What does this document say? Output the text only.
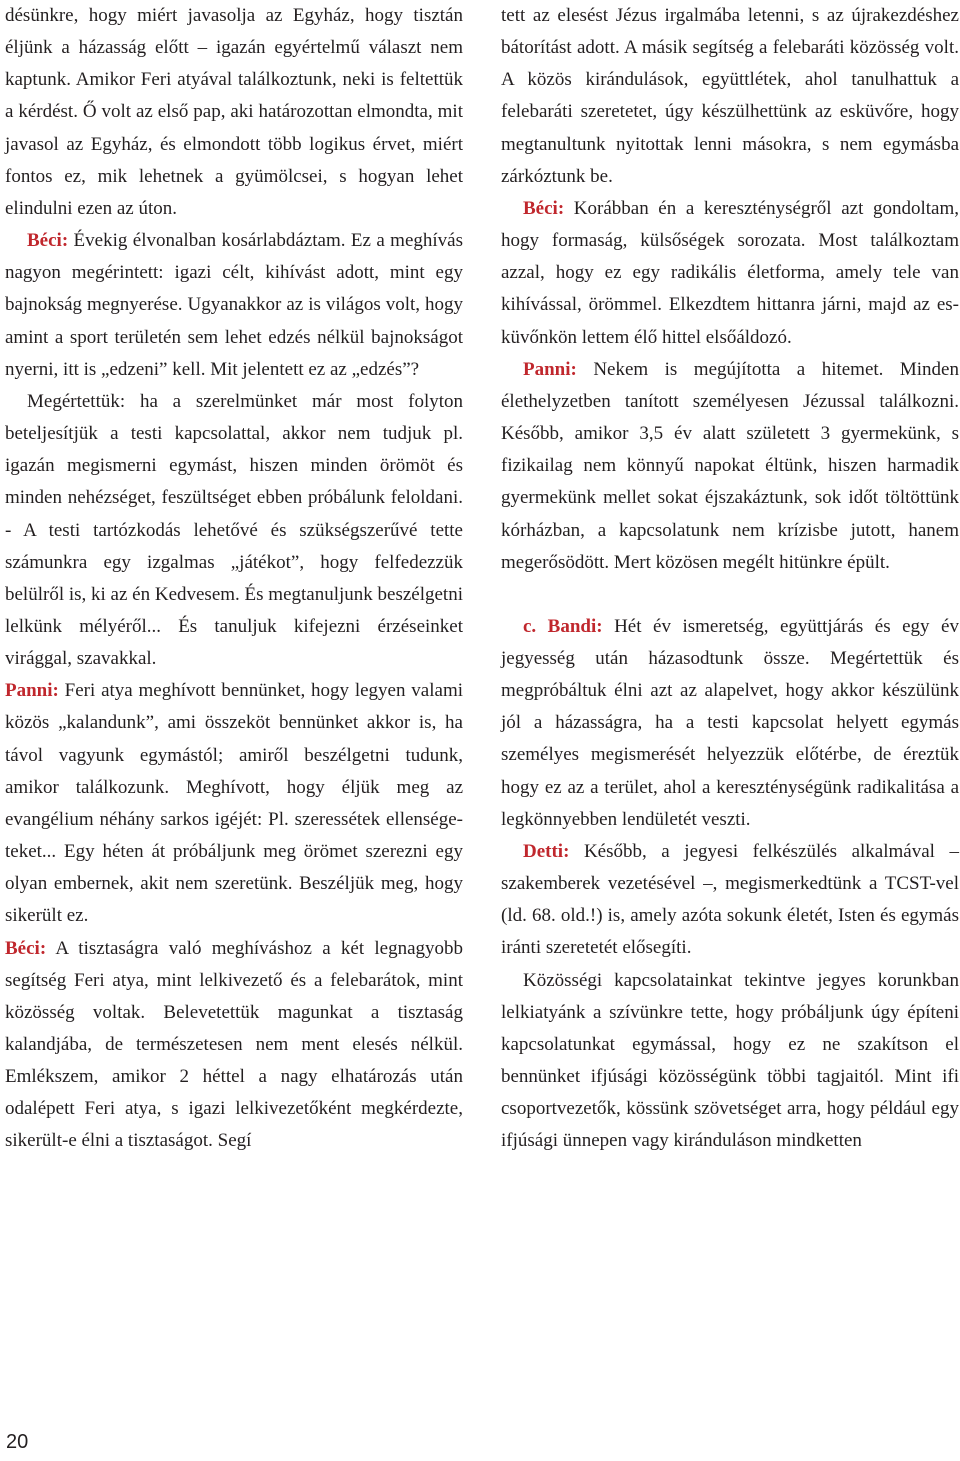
désünkre, hogy miért javasolja az Egyház, hogy tisztán éljünk a házasság előtt – igazán egyértelmű választ nem kaptunk. Amikor Feri atyával találkoztunk, neki is feltettük a kérdést. Ő volt az első pap, aki határozottan elmondta, mit javasol az Egyház, és elmondott több logikus érvet, miért fontos ez, mik lehetnek a gyümölcsei, s hogyan lehet elindulni ezen az úton.

Béci: Évekig élvonalban kosárlabdáztam. Ez a meghívás nagyon megérintett: igazi célt, kihívást adott, mint egy bajnokság megnyerése. Ugyanakkor az is világos volt, hogy amint a sport területén sem lehet edzés nélkül bajnokságot nyerni, itt is „edzeni” kell. Mit jelentett ez az „edzés”?

Megértettük: ha a szerelmünket már most folyton beteljesítjük a testi kapcsolattal, akkor nem tudjuk pl. igazán megismerni egymást, hiszen minden örömöt és minden nehézséget, feszültséget ebben próbálunk feloldani. - A testi tartózkodás lehetővé és szükségszerűvé tette számunkra egy izgalmas „játékot”, hogy felfedezzük belülről is, ki az én Kedvesem. És megtanuljunk beszélgetni lelkünk mélyéről... És tanuljuk kifejezni érzéseinket virággal, szavakkal.

Panni: Feri atya meghívott bennünket, hogy legyen valami közös „kalandunk”, ami összeköt bennünket akkor is, ha távol vagyunk egymástól; amiről beszélgetni tudunk, amikor találkozunk. Meghívott, hogy éljük meg az evangélium néhány sarkos igéjét: Pl. szeressétek ellenségeteket... Egy héten át próbáljunk meg örömet szerezni egy olyan embernek, akit nem szeretünk. Beszéljük meg, hogy sikerült ez.

Béci: A tisztaságra való meghíváshoz a két legnagyobb segítség Feri atya, mint lelkivezető és a felebarátok, mint közösség voltak. Belevetettük magunkat a tisztaság kalandjába, de természetesen nem ment elesés nélkül. Emlékszem, amikor 2 héttel a nagy elhatározás után odalépett Feri atya, s igazi lelkivezetőként megkérdezte, sikerült-e élni a tisztaságot. Segí

tett az elesést Jézus irgalmába letenni, s az újrakezdéshez bátorítást adott. A másik segítség a felebaráti közösség volt. A közös kirándulások, együttlétek, ahol tanulhattuk a felebaráti szeretetet, úgy készülhettünk az esküvőre, hogy megtanultunk nyitottak lenni másokra, s nem egymásba zárkóztunk be.

Béci: Korábban én a kereszténységről azt gondoltam, hogy formaság, külsőségek sorozata. Most találkoztam azzal, hogy ez egy radikális életforma, amely tele van kihívással, örömmel. Elkezdtem hittanra járni, majd az esküvőnkön lettem élő hittel elsőáldozó.

Panni: Nekem is megújította a hitemet. Minden élethelyzetben tanított személyesen Jézussal találkozni. Később, amikor 3,5 év alatt született 3 gyermekünk, s fizikailag nem könnyű napokat éltünk, hiszen harmadik gyermekünk mellet sokat éjszakáztunk, sok időt töltöttünk kórházban, a kapcsolatunk nem krízisbe jutott, hanem megerősödött. Mert közösen megélt hitünkre épült.

c. Bandi: Hét év ismeretség, együttjárás és egy év jegyesség után házasodtunk össze. Megértettük és megpróbáltuk élni azt az alapelvet, hogy akkor készülünk jól a házasságra, ha a testi kapcsolat helyett egymás személyes megismerését helyezzük előtérbe, de éreztük hogy ez az a terület, ahol a kereszténységünk radikalitása a legkönnyebben lendületét veszti.

Detti: Később, a jegyesi felkészülés alkalmával – szakemberek vezetésével –, megismerkedtünk a TCST-vel (ld. 68. old.!) is, amely azóta sokunk életét, Isten és egymás iránti szeretetét elősegíti.

Közösségi kapcsolatainkat tekintve jegyes korunkban lelkiatyánk a szívünkre tette, hogy próbáljunk úgy építeni kapcsolatunkat egymással, hogy ez ne szakítson el bennünket ifjúsági közösségünk többi tagjaitól. Mint ifi csoportvezetők, kössünk szövetséget arra, hogy például egy ifjúsági ünnepen vagy kiránduláson mindketten

20
